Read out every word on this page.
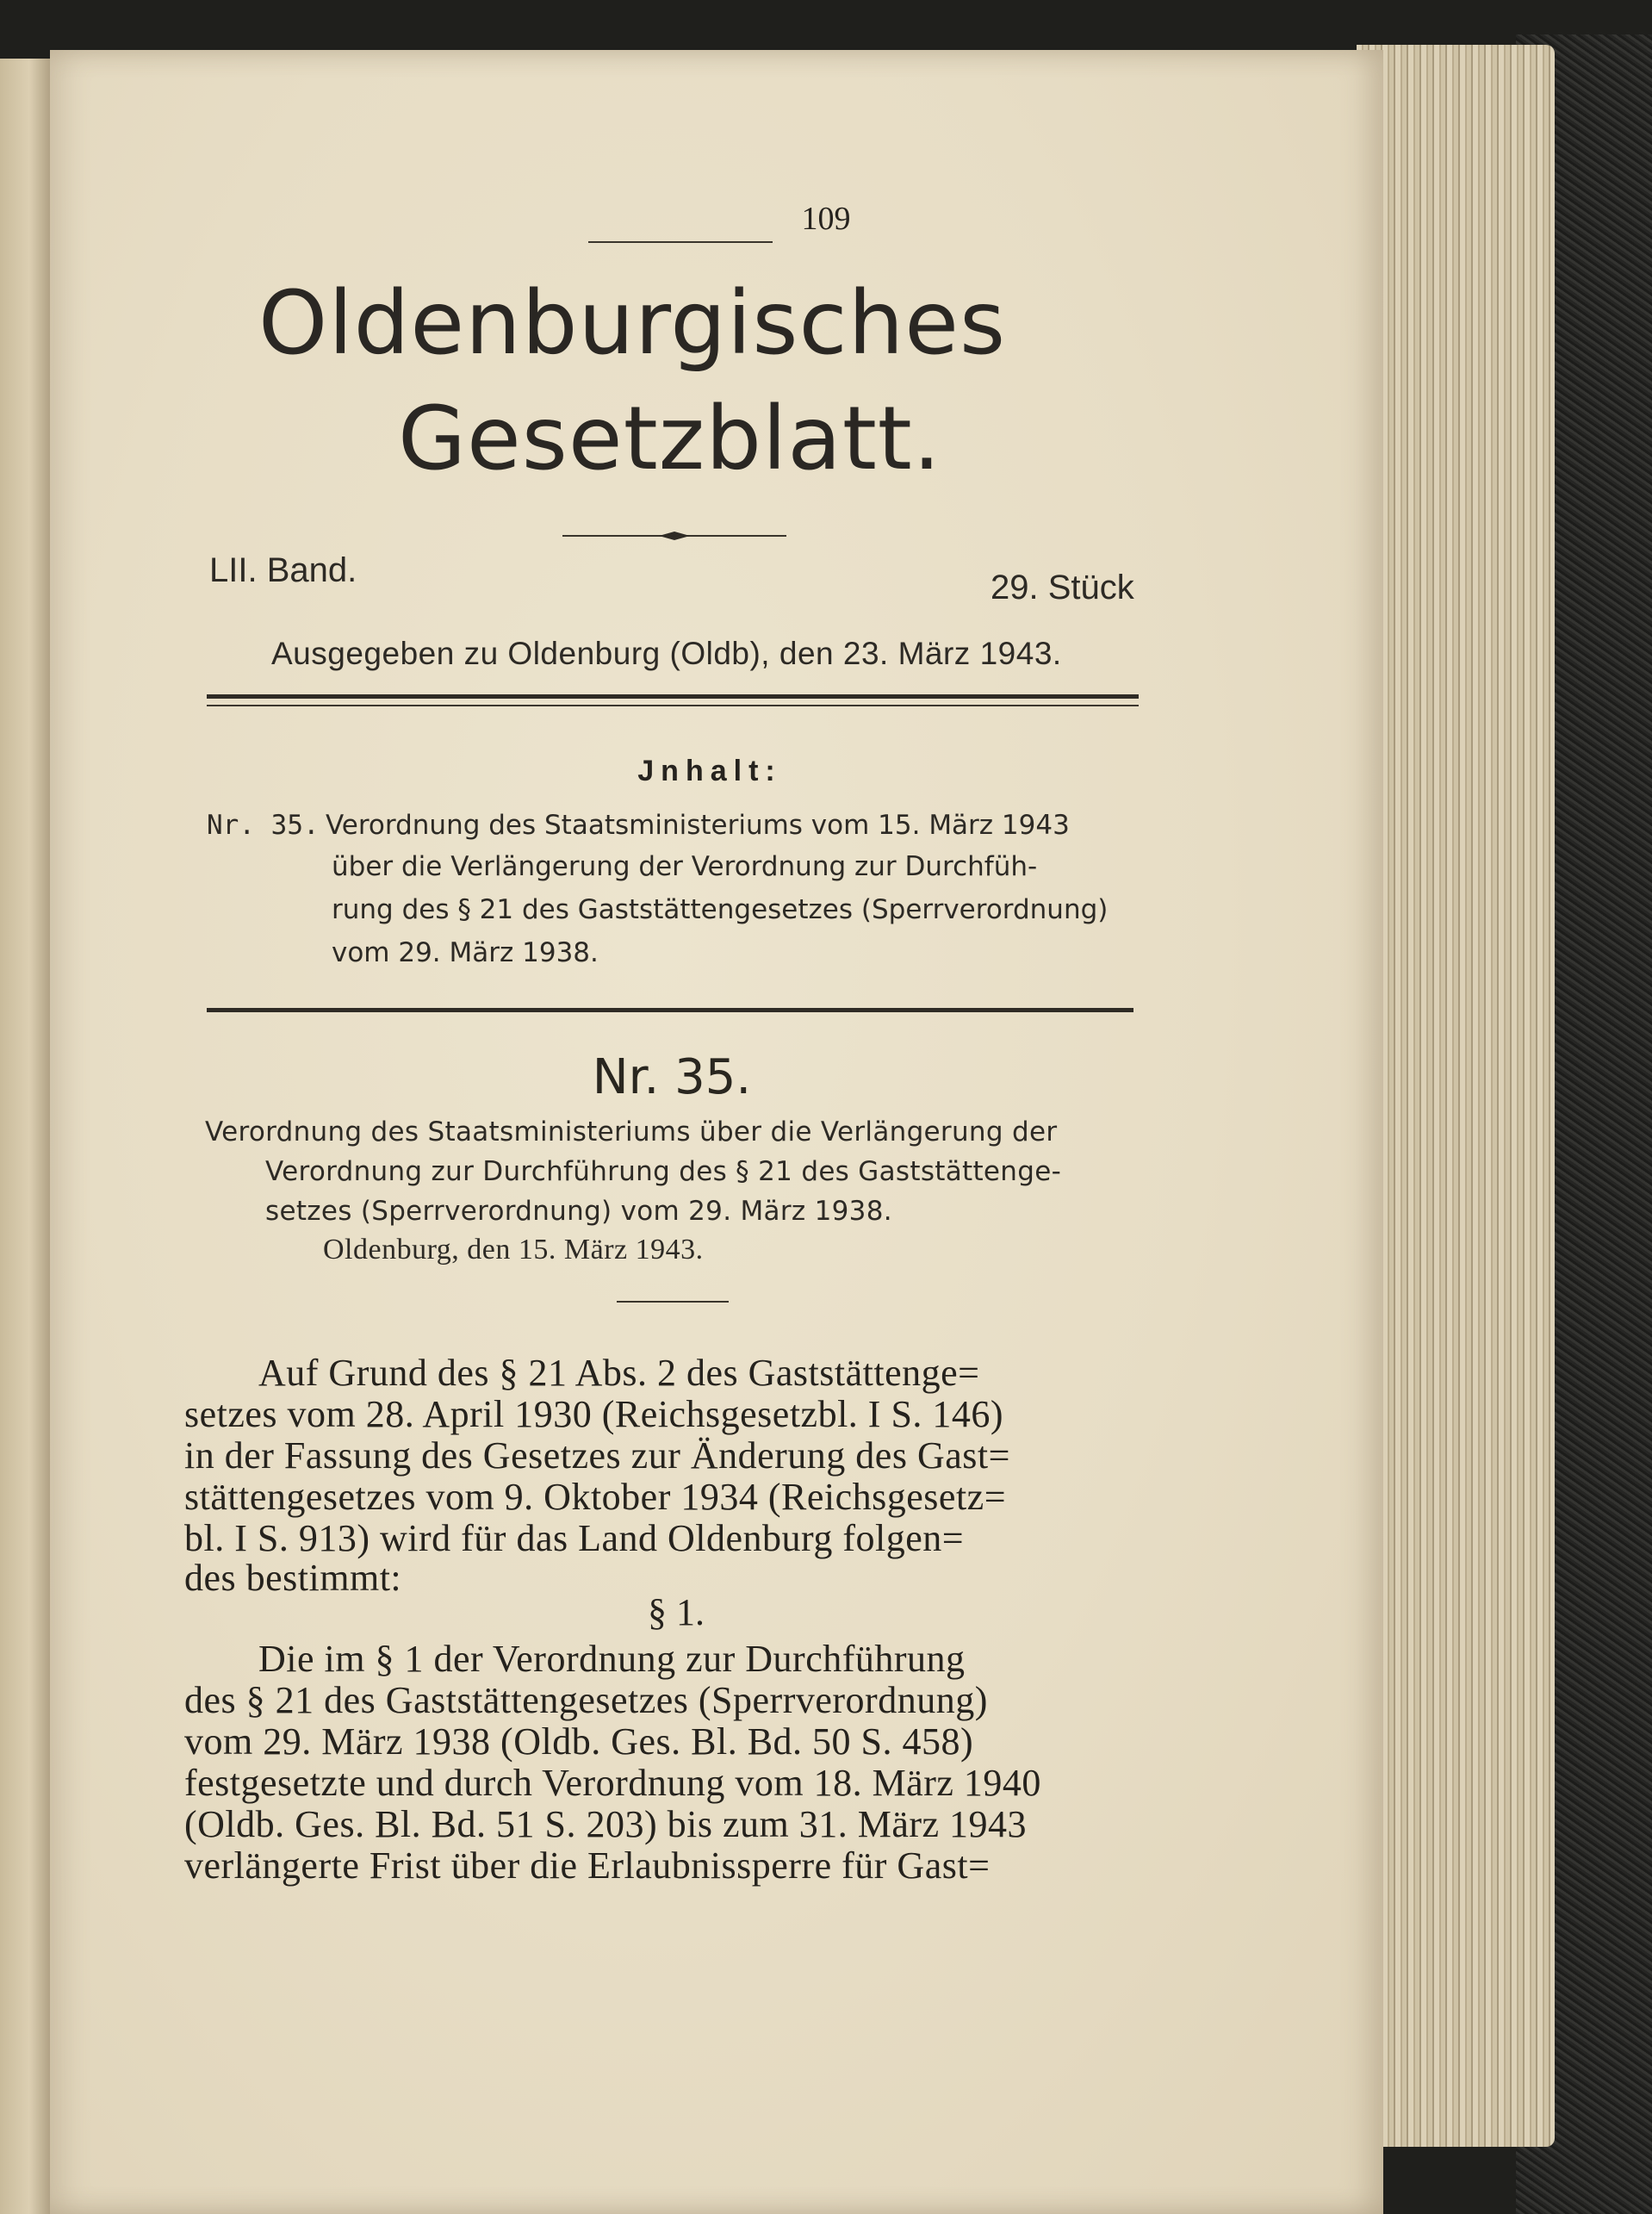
109
Oldenburgisches
Gesetzblatt.
LII. Band.	29. Stück
Ausgegeben zu Oldenburg (Oldb), den 23. März 1943.
Jnhalt:
Nr. 35. Verordnung des Staatsministeriums vom 15. März 1943
über die Verlängerung der Verordnung zur Durchfüh-
rung des § 21 des Gaststättengesetzes (Sperrverordnung)
vom 29. März 1938.
Nr. 35.
Verordnung des Staatsministeriums über die Verlängerung der
Verordnung zur Durchführung des § 21 des Gaststättenge-
setzes (Sperrverordnung) vom 29. März 1938.
Oldenburg, den 15. März 1943.
Auf Grund des § 21 Abs. 2 des Gaststättenge=
setzes vom 28. April 1930 (Reichsgesetzbl. I S. 146)
in der Fassung des Gesetzes zur Änderung des Gast=
stättengesetzes vom 9. Oktober 1934 (Reichsgesetz=
bl. I S. 913) wird für das Land Oldenburg folgen=
des bestimmt:
§ 1.
Die im § 1 der Verordnung zur Durchführung
des § 21 des Gaststättengesetzes (Sperrverordnung)
vom 29. März 1938 (Oldb. Ges. Bl. Bd. 50 S. 458)
festgesetzte und durch Verordnung vom 18. März 1940
(Oldb. Ges. Bl. Bd. 51 S. 203) bis zum 31. März 1943
verlängerte Frist über die Erlaubnissperre für Gast=
